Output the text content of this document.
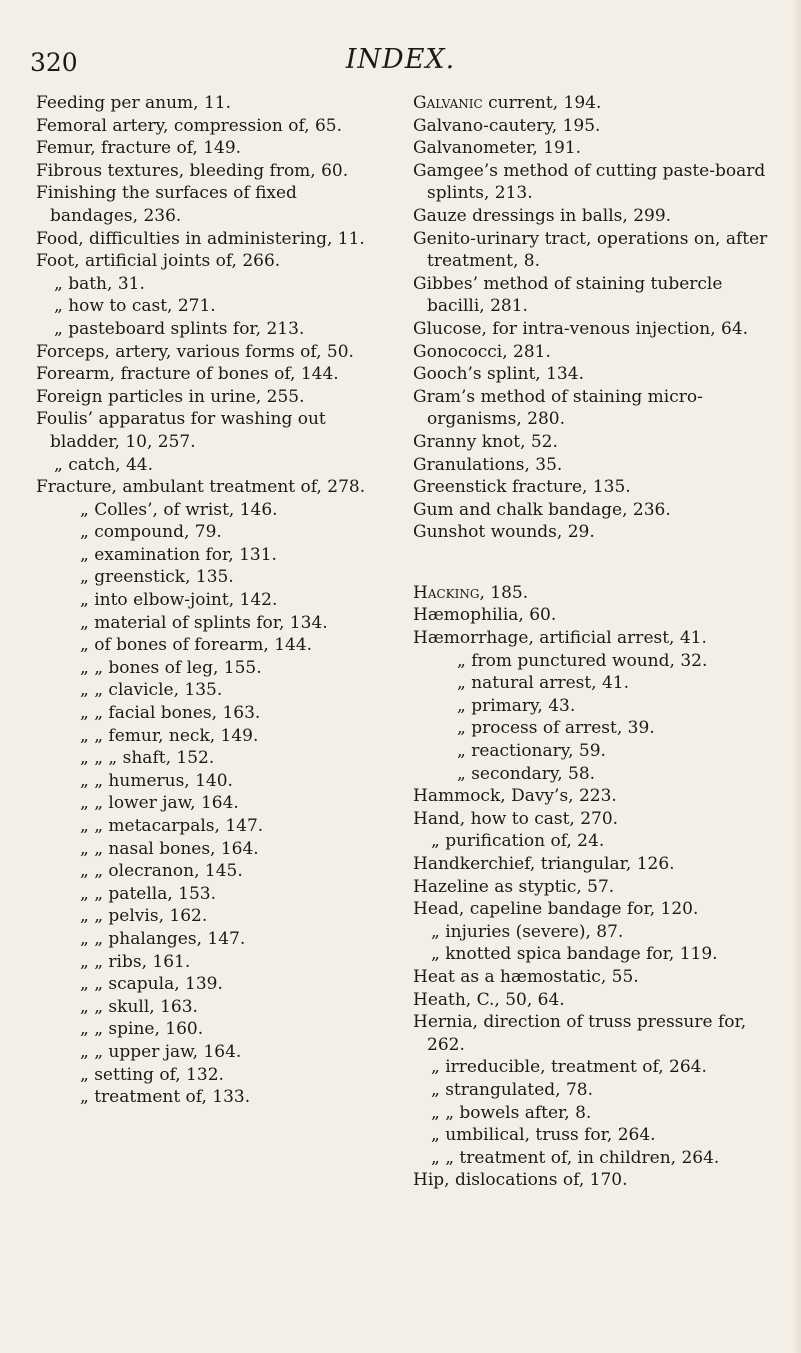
320	INDEX.

Feeding per anum, 11.

Femoral artery, compression of, 65.

Femur, fracture of, 149.

Fibrous textures, bleeding from, 60.

Finishing the surfaces of fixed bandages, 236.

Food, difficulties in administering, 11.

Foot, artificial joints of, 266.

„ bath, 31.

„ how to cast, 271.

„ pasteboard splints for, 213.

Forceps, artery, various forms of, 50.

Forearm, fracture of bones of, 144.

Foreign particles in urine, 255.

Foulis’ apparatus for washing out bladder, 10, 257.

„ catch, 44.

Fracture, ambulant treatment of, 278.

„ Colles’, of wrist, 146.

„ compound, 79.

„ examination for, 131.

„ greenstick, 135.

„ into elbow-joint, 142.

„ material of splints for, 134.

„ of bones of forearm, 144.

„ „ bones of leg, 155.

„ „ clavicle, 135.

„ „ facial bones, 163.

„ „ femur, neck, 149.

„ „ „ shaft, 152.

„ „ humerus, 140.

„ „ lower jaw, 164.

„ „ metacarpals, 147.

„ „ nasal bones, 164.

„ „ olecranon, 145.

„ „ patella, 153.

„ „ pelvis, 162.

„ „ phalanges, 147.

„ „ ribs, 161.

„ „ scapula, 139.

„ „ skull, 163.

„ „ spine, 160.

„ „ upper jaw, 164.

„ setting of, 132.

„ treatment of, 133.

Galvanic current, 194.

Galvano-cautery, 195.

Galvanometer, 191.

Gamgee’s method of cutting paste-board splints, 213.

Gauze dressings in balls, 299.

Genito-urinary tract, operations on, after treatment, 8.

Gibbes’ method of staining tubercle bacilli, 281.

Glucose, for intra-venous injection, 64.

Gonococci, 281.

Gooch’s splint, 134.

Gram’s method of staining micro-organisms, 280.

Granny knot, 52.

Granulations, 35.

Greenstick fracture, 135.

Gum and chalk bandage, 236.

Gunshot wounds, 29.

Hacking, 185.

Hæmophilia, 60.

Hæmorrhage, artificial arrest, 41.

„ from punctured wound, 32.

„ natural arrest, 41.

„ primary, 43.

„ process of arrest, 39.

„ reactionary, 59.

„ secondary, 58.

Hammock, Davy’s, 223.

Hand, how to cast, 270.

„ purification of, 24.

Handkerchief, triangular, 126.

Hazeline as styptic, 57.

Head, capeline bandage for, 120.

„ injuries (severe), 87.

„ knotted spica bandage for, 119.

Heat as a hæmostatic, 55.

Heath, C., 50, 64.

Hernia, direction of truss pressure for, 262.

„ irreducible, treatment of, 264.

„ strangulated, 78.

„ „ bowels after, 8.

„ umbilical, truss for, 264.

„ „ treatment of, in children, 264.

Hip, dislocations of, 170.
